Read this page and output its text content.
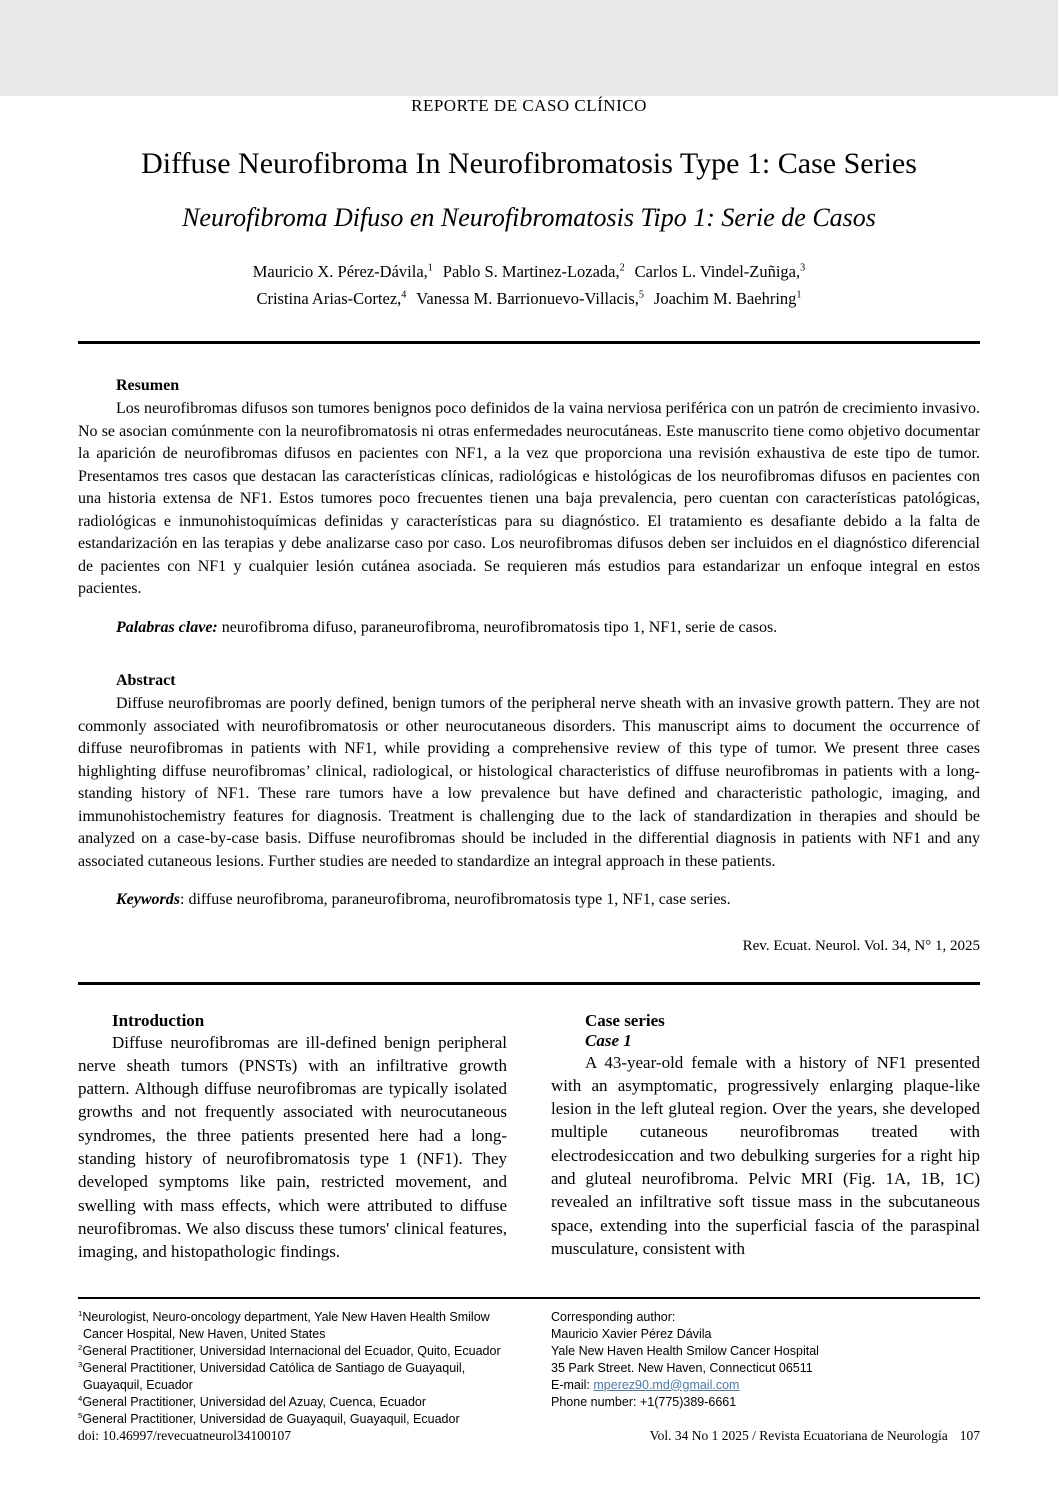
REPORTE DE CASO CLÍNICO
Diffuse Neurofibroma In Neurofibromatosis Type 1: Case Series
Neurofibroma Difuso en Neurofibromatosis Tipo 1: Serie de Casos
Mauricio X. Pérez-Dávila,$^1$ Pablo S. Martinez-Lozada,$^2$ Carlos L. Vindel-Zuñiga,$^3$
Cristina Arias-Cortez,$^4$ Vanessa M. Barrionuevo-Villacis,$^5$ Joachim M. Baehring$^1$
Resumen

Los neurofibromas difusos son tumores benignos poco definidos de la vaina nerviosa periférica con un patrón de crecimiento invasivo. No se asocian comúnmente con la neurofibromatosis ni otras enfermedades neurocutáneas. Este manuscrito tiene como objetivo documentar la aparición de neurofibromas difusos en pacientes con NF1, a la vez que proporciona una revisión exhaustiva de este tipo de tumor. Presentamos tres casos que destacan las características clínicas, radiológicas e histológicas de los neurofibromas difusos en pacientes con una historia extensa de NF1. Estos tumores poco frecuentes tienen una baja prevalencia, pero cuentan con características patológicas, radiológicas e inmunohistoquímicas definidas y características para su diagnóstico. El tratamiento es desafiante debido a la falta de estandarización en las terapias y debe analizarse caso por caso. Los neurofibromas difusos deben ser incluidos en el diagnóstico diferencial de pacientes con NF1 y cualquier lesión cutánea asociada. Se requieren más estudios para estandarizar un enfoque integral en estos pacientes.

Palabras clave: neurofibroma difuso, paraneurofibroma, neurofibromatosis tipo 1, NF1, serie de casos.

Abstract

Diffuse neurofibromas are poorly defined, benign tumors of the peripheral nerve sheath with an invasive growth pattern. They are not commonly associated with neurofibromatosis or other neurocutaneous disorders. This manuscript aims to document the occurrence of diffuse neurofibromas in patients with NF1, while providing a comprehensive review of this type of tumor. We present three cases highlighting diffuse neurofibromas’ clinical, radiological, or histological characteristics of diffuse neurofibromas in patients with a long-standing history of NF1. These rare tumors have a low prevalence but have defined and characteristic pathologic, imaging, and immunohistochemistry features for diagnosis. Treatment is challenging due to the lack of standardization in therapies and should be analyzed on a case-by-case basis. Diffuse neurofibromas should be included in the differential diagnosis in patients with NF1 and any associated cutaneous lesions. Further studies are needed to standardize an integral approach in these patients.

Keywords: diffuse neurofibroma, paraneurofibroma, neurofibromatosis type 1, NF1, case series.

Rev. Ecuat. Neurol. Vol. 34, N° 1, 2025
Introduction

Diffuse neurofibromas are ill-defined benign peripheral nerve sheath tumors (PNSTs) with an infiltrative growth pattern. Although diffuse neurofibromas are typically isolated growths and not frequently associated with neurocutaneous syndromes, the three patients presented here had a long-standing history of neurofibromatosis type 1 (NF1). They developed symptoms like pain, restricted movement, and swelling with mass effects, which were attributed to diffuse neurofibromas. We also discuss these tumors' clinical features, imaging, and histopathologic findings.

Case series
Case 1

A 43-year-old female with a history of NF1 presented with an asymptomatic, progressively enlarging plaque-like lesion in the left gluteal region. Over the years, she developed multiple cutaneous neurofibromas treated with electrodesiccation and two debulking surgeries for a right hip and gluteal neurofibroma. Pelvic MRI (Fig. 1A, 1B, 1C) revealed an infiltrative soft tissue mass in the subcutaneous space, extending into the superficial fascia of the paraspinal musculature, consistent with

$^1$Neurologist, Neuro-oncology department, Yale New Haven Health Smilow Cancer Hospital, New Haven, United States
$^2$General Practitioner, Universidad Internacional del Ecuador, Quito, Ecuador
$^3$General Practitioner, Universidad Católica de Santiago de Guayaquil, Guayaquil, Ecuador
$^4$General Practitioner, Universidad del Azuay, Cuenca, Ecuador
$^5$General Practitioner, Universidad de Guayaquil, Guayaquil, Ecuador
Corresponding author:
Mauricio Xavier Pérez Dávila
Yale New Haven Health Smilow Cancer Hospital
35 Park Street. New Haven, Connecticut 06511
E-mail: mperez90.md@gmail.com
Phone number: +1(775)389-6661
doi: 10.46997/revecuatneurol34100107	Vol. 34 No 1 2025 / Revista Ecuatoriana de Neurología 107
